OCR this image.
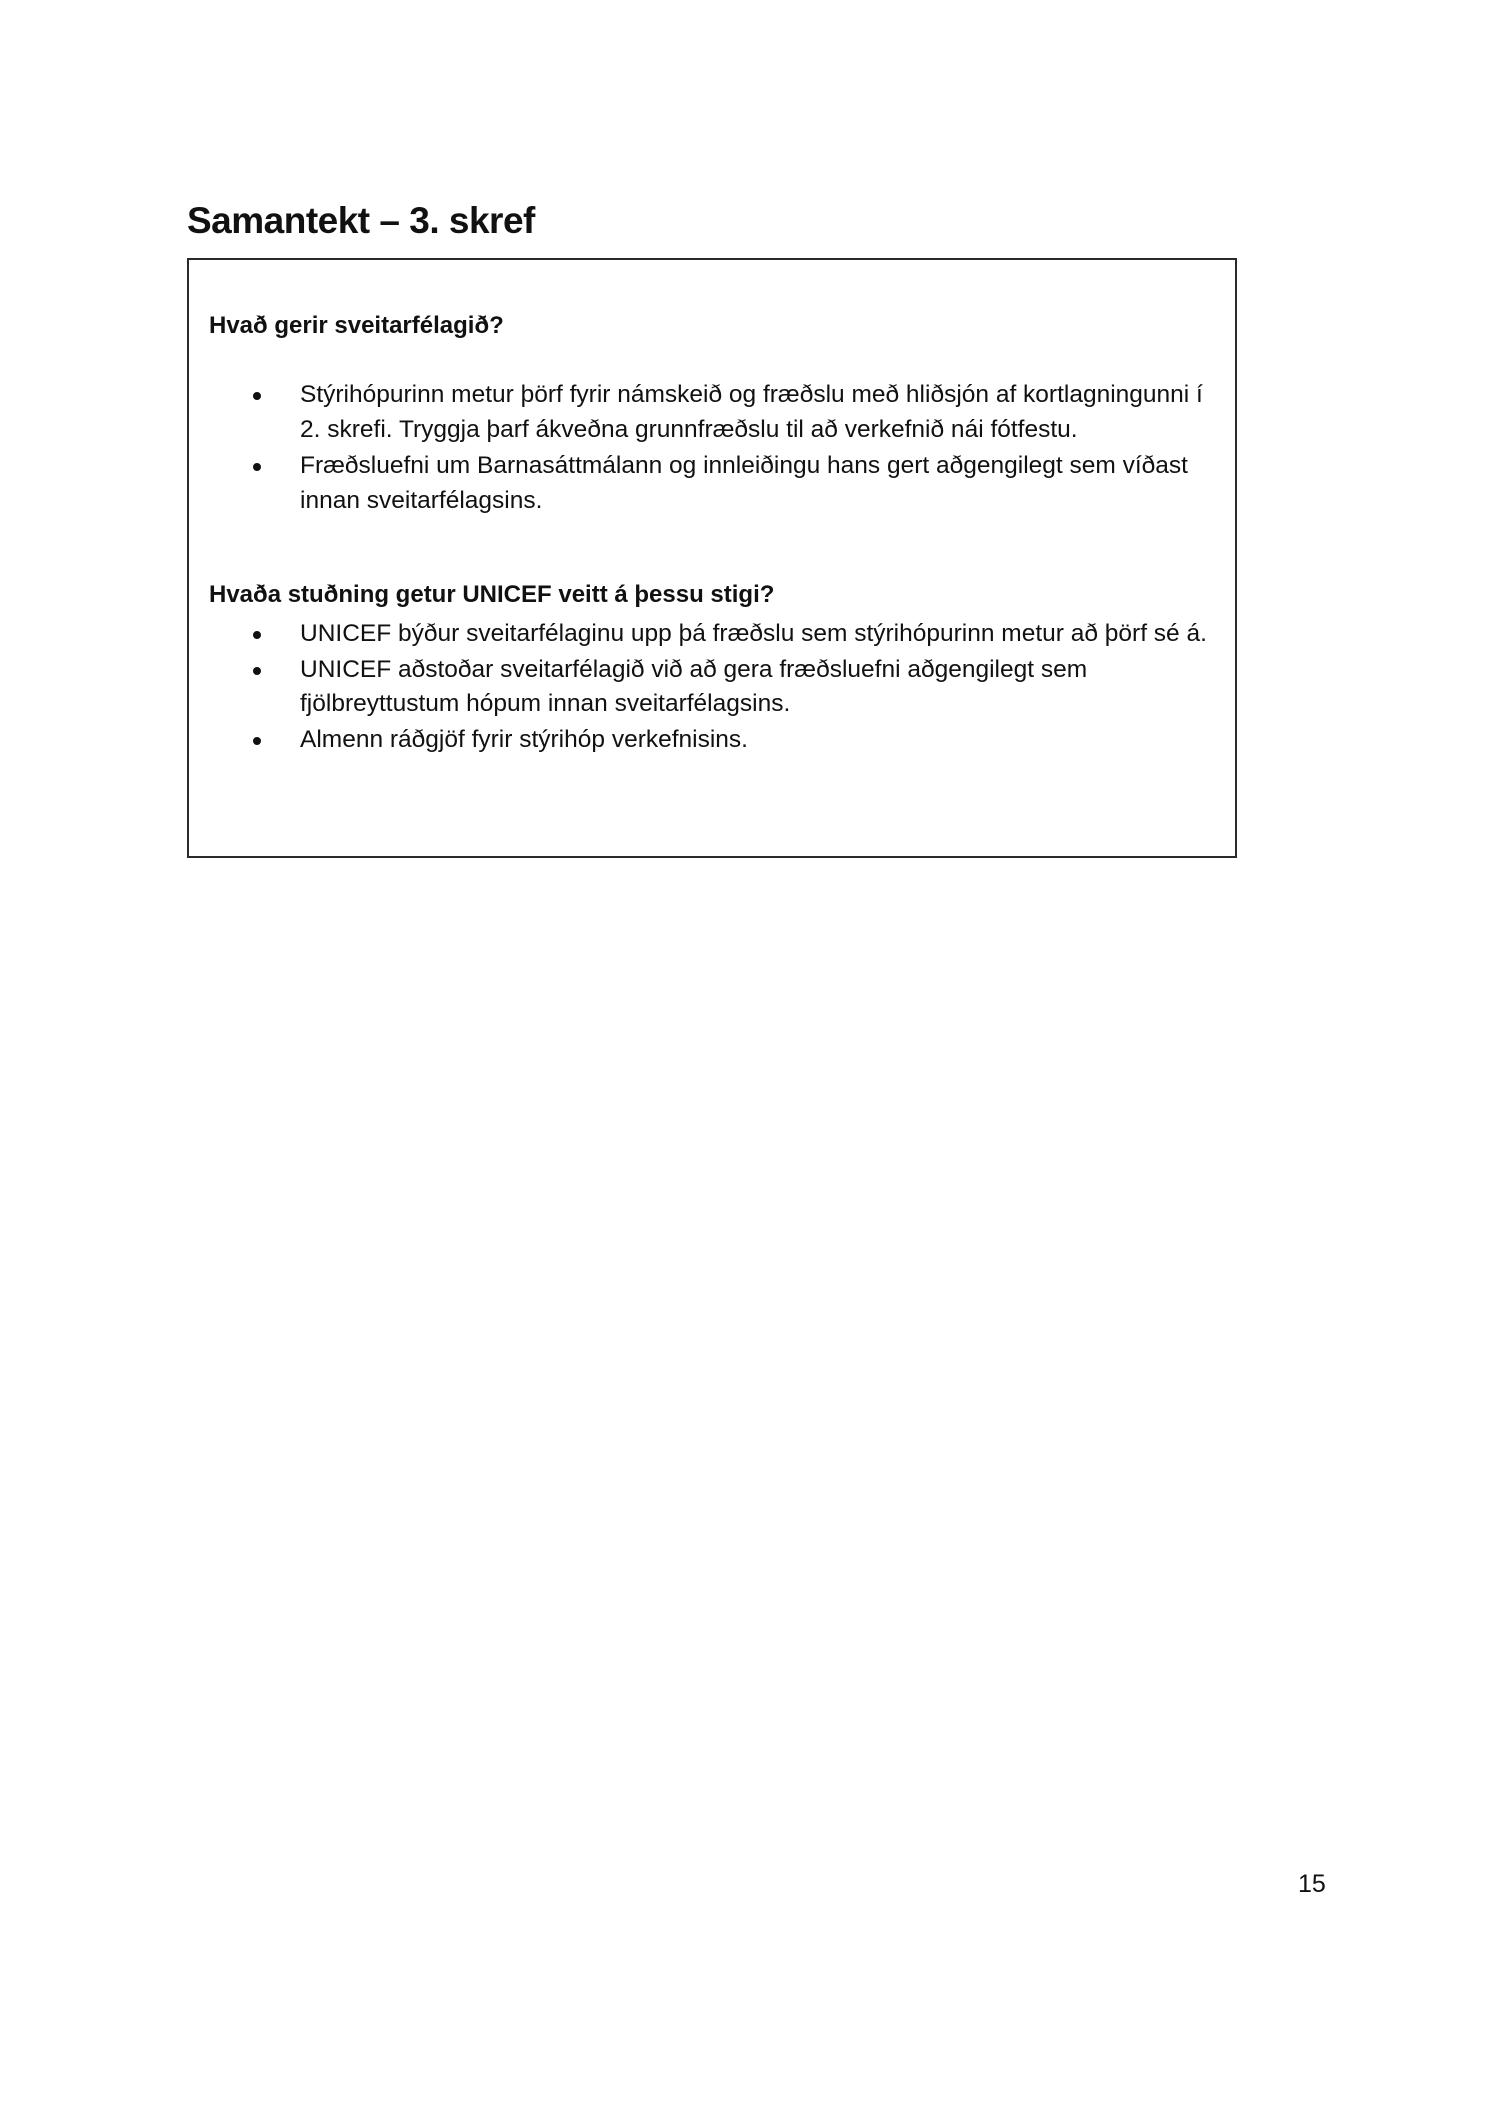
Samantekt – 3. skref
Hvað gerir sveitarfélagið?
Stýrihópurinn metur þörf fyrir námskeið og fræðslu með hliðsjón af kortlagningunni í 2. skrefi. Tryggja þarf ákveðna grunnfræðslu til að verkefnið nái fótfestu.
Fræðsluefni um Barnasáttmálann og innleiðingu hans gert aðgengilegt sem víðast innan sveitarfélagsins.
Hvaða stuðning getur UNICEF veitt á þessu stigi?
UNICEF býður sveitarfélaginu upp þá fræðslu sem stýrihópurinn metur að þörf sé á.
UNICEF aðstoðar sveitarfélagið við að gera fræðsluefni aðgengilegt sem fjölbreyttustum hópum innan sveitarfélagsins.
Almenn ráðgjöf fyrir stýrihóp verkefnisins.
15
